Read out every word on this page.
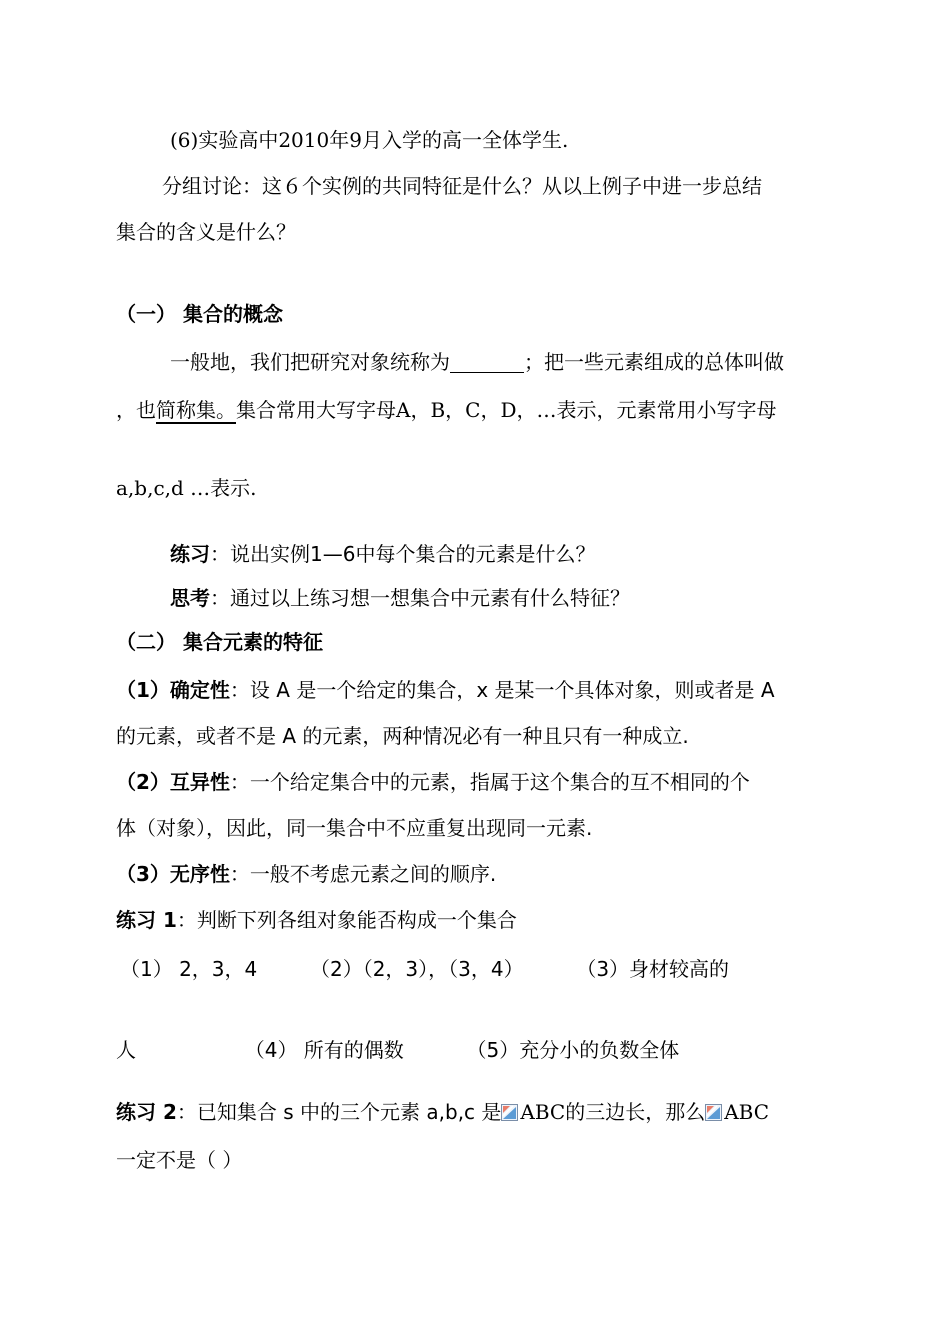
(6)实验高中2010年9月入学的高一全体学生.
分组讨论：这６个实例的共同特征是什么？从以上例子中进一步总结
集合的含义是什么？
（一） 集合的概念
一般地，我们把研究对象统称为	；把一些元素组成的总体叫做
，也简称集。集合常用大写字母A，B，C，D，…表示，元素常用小写字母
a,b,c,d …表示.
练习：说出实例1—6中每个集合的元素是什么？
思考：通过以上练习想一想集合中元素有什么特征？
（二） 集合元素的特征
（1）确定性：设 A 是一个给定的集合，x 是某一个具体对象，则或者是 A
的元素，或者不是 A 的元素，两种情况必有一种且只有一种成立.
（2）互异性：一个给定集合中的元素，指属于这个集合的互不相同的个
体（对象），因此，同一集合中不应重复出现同一元素.
（3）无序性：一般不考虑元素之间的顺序.
练习 1：判断下列各组对象能否构成一个集合
（1） 2，3，4	（2）（2，3），（3，4）	（3）身材较高的
人	（4） 所有的偶数	（5）充分小的负数全体
练习 2：已知集合 s 中的三个元素 a,b,c 是 ABC的三边长，那么 ABC
一定不是（ ）
